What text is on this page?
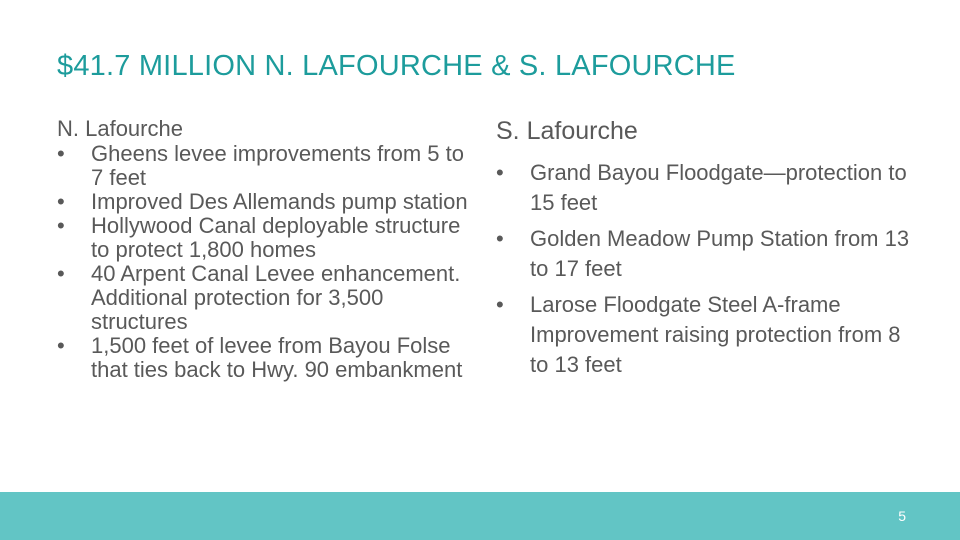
$41.7 MILLION N. LAFOURCHE & S. LAFOURCHE
N. Lafourche
• Gheens levee improvements from 5 to 7 feet
• Improved Des Allemands pump station
• Hollywood Canal deployable structure to protect 1,800 homes
• 40 Arpent Canal Levee enhancement. Additional protection for 3,500 structures
• 1,500 feet of levee from Bayou Folse that ties back to Hwy. 90 embankment
S. Lafourche
• Grand Bayou Floodgate—protection to 15 feet
• Golden Meadow Pump Station from 13 to 17 feet
• Larose Floodgate Steel A-frame Improvement raising protection from 8 to 13 feet
5
